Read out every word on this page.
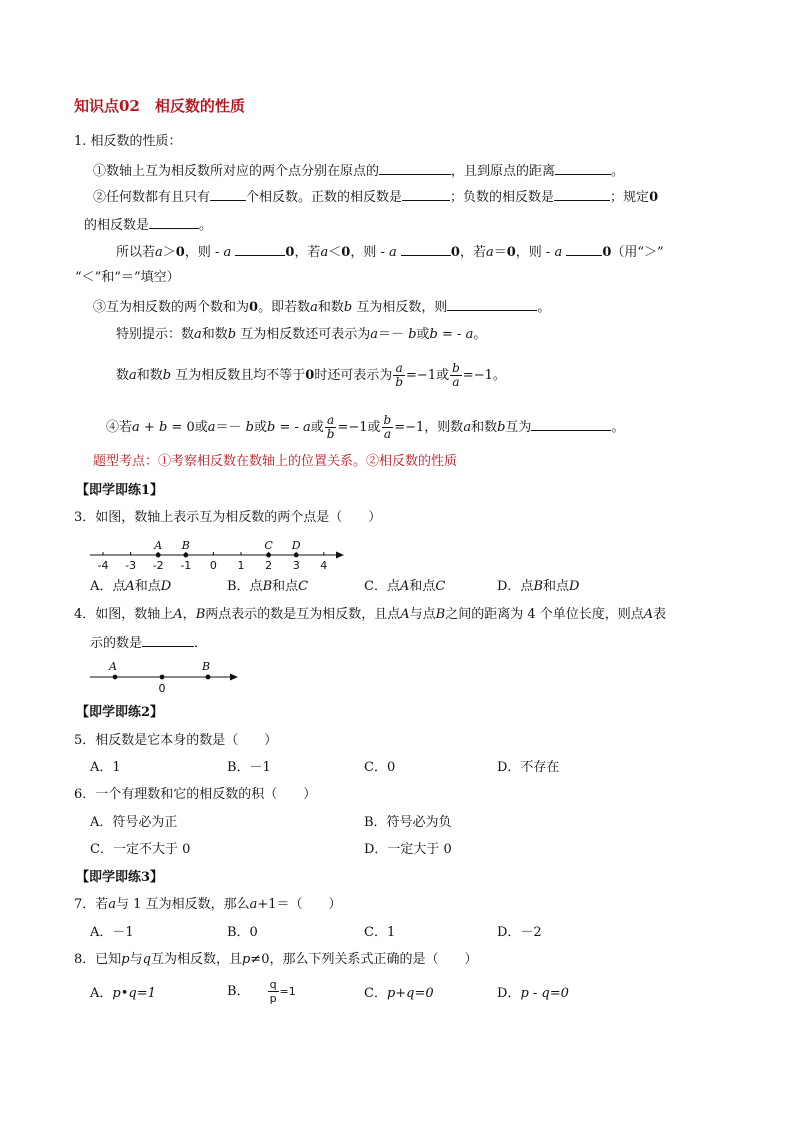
知识点02　相反数的性质
1. 相反数的性质：
①数轴上互为相反数所对应的两个点分别在原点的	，且到原点的距离	。
②任何数都有且只有	个相反数。正数的相反数是	；负数的相反数是	；规定0
的相反数是	。
所以若a＞0，则 - a	0，若a＜0，则 - a	0，若a＝0，则 - a	0（用“＞”
“＜”和“＝”填空）
③互为相反数的两个数和为0。即若数a和数b 互为相反数，则	。
特别提示：数a和数b 互为相反数还可表示为a＝－ b或b = - a。
数a和数b 互为相反数且均不等于0时还可表示为 $\frac{a}{b} =-1$或 $\frac{b}{a} =-1$。
④若a + b = 0或a＝－ b或b = - a或 $\frac{a}{b} =-1$或 $\frac{b}{a} =-1$，则数a和数b互为	。
题型考点：①考察相反数在数轴上的位置关系。②相反数的性质
【即学即练1】
3．如图，数轴上表示互为相反数的两个点是（　　）
-4 -3 -2 -1 0 1 2 3 4
A B	C D
A．点A和点D	B．点B和点C	C．点A和点C	D．点B和点D
4．如图，数轴上A，B两点表示的数是互为相反数，且点A与点B之间的距离为 4 个单位长度，则点A表
示的数是	．
A	B
0
【即学即练2】
5．相反数是它本身的数是（　　）
A．1	B．－1	C．0	D．不存在
6．一个有理数和它的相反数的积（　　）
A．符号必为正	B．符号必为负
C．一定不大于 0	D．一定大于 0
【即学即练3】
7．若a与 1 互为相反数，那么a+1＝（　　）
A．－1	B．0	C．1	D．－2
8．已知p与q互为相反数，且p≠0，那么下列关系式正确的是（　　）
A．p•q=1	B． $\frac{q}{p} =1$	C．p+q=0	D．p - q=0
